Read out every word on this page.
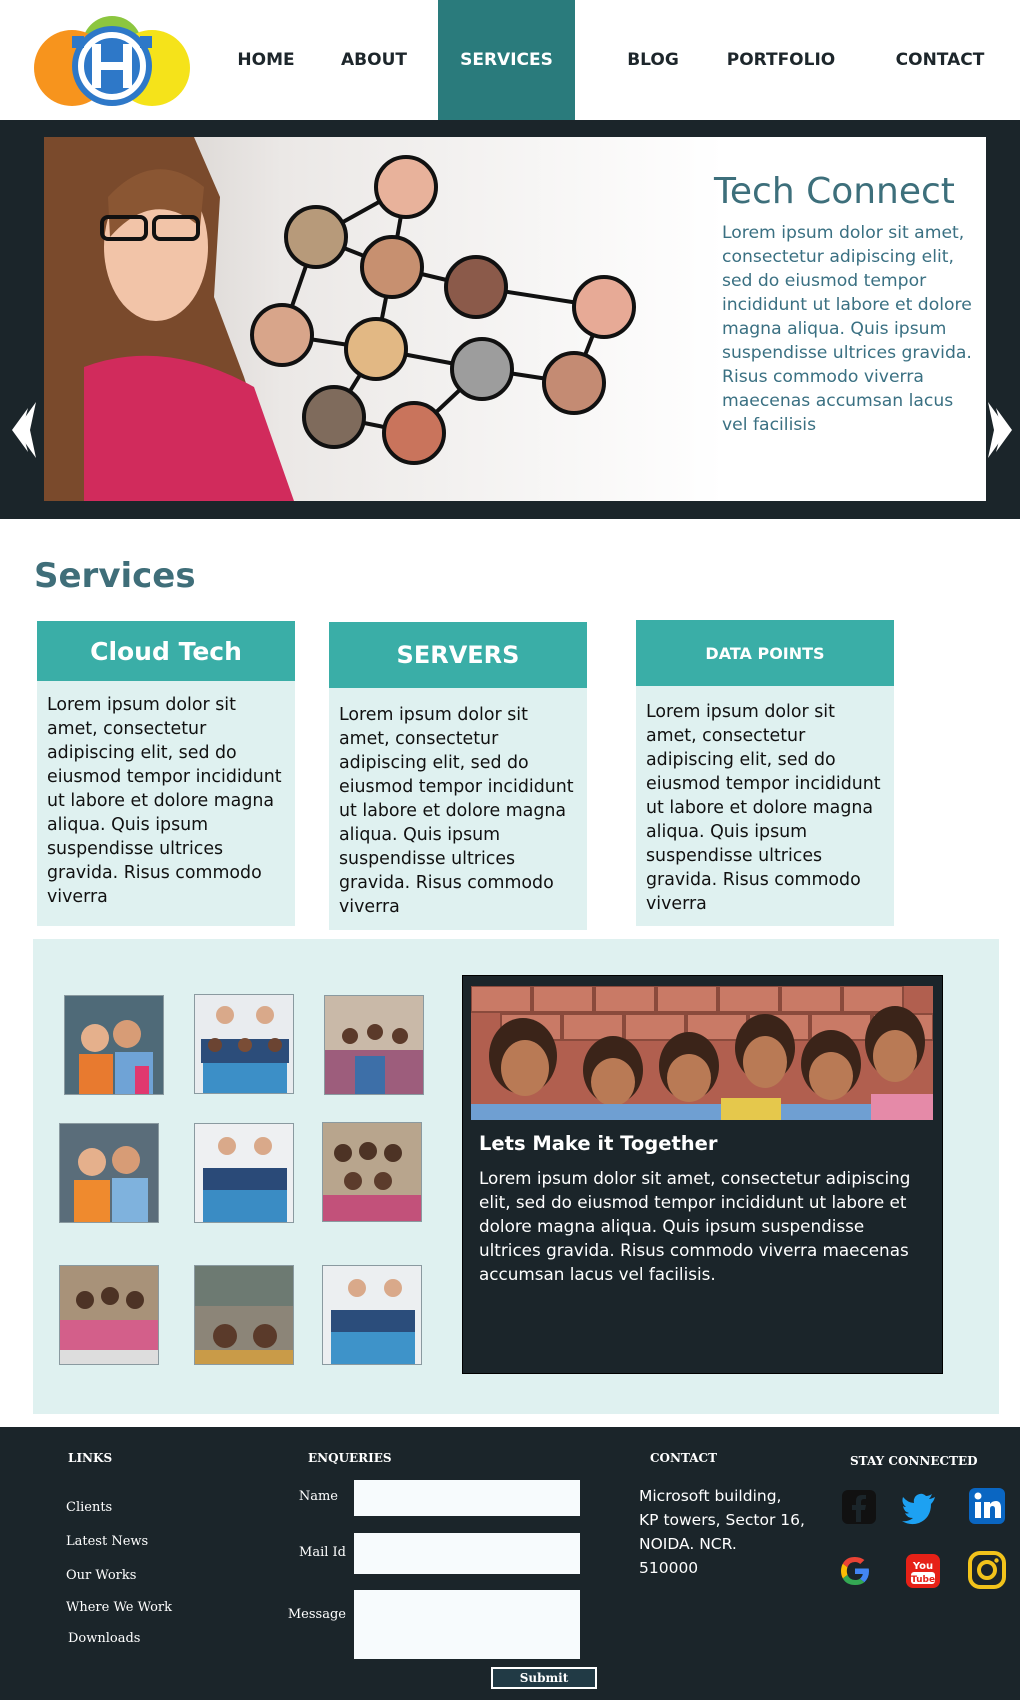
HOME	ABOUT	SERVICES	BLOG	PORTFOLIO	CONTACT
Tech Connect
Lorem ipsum dolor sit amet, consectetur adipiscing elit, sed do eiusmod tempor incididunt ut labore et dolore magna aliqua. Quis ipsum suspendisse ultrices gravida. Risus commodo viverra maecenas accumsan lacus vel facilisis
Services
Cloud Tech
Lorem ipsum dolor sit amet, consectetur adipiscing elit, sed do eiusmod tempor incididunt ut labore et dolore magna aliqua. Quis ipsum suspendisse ultrices gravida. Risus commodo viverra
SERVERS
Lorem ipsum dolor sit amet, consectetur adipiscing elit, sed do eiusmod tempor incididunt ut labore et dolore magna aliqua. Quis ipsum suspendisse ultrices gravida. Risus commodo viverra
DATA POINTS
Lorem ipsum dolor sit amet, consectetur adipiscing elit, sed do eiusmod tempor incididunt ut labore et dolore magna aliqua. Quis ipsum suspendisse ultrices gravida. Risus commodo viverra
Lets Make it Together
Lorem ipsum dolor sit amet, consectetur adipiscing elit, sed do eiusmod tempor incididunt ut labore et dolore magna aliqua. Quis ipsum suspendisse ultrices gravida. Risus commodo viverra maecenas accumsan lacus vel facilisis.
LINKS
Clients
Latest News
Our Works
Where We Work
Downloads
ENQUERIES
Name
Mail Id
Message
Submit
CONTACT
Microsoft building,
KP towers, Sector 16,
NOIDA. NCR.
510000
STAY CONNECTED
You
Tube
